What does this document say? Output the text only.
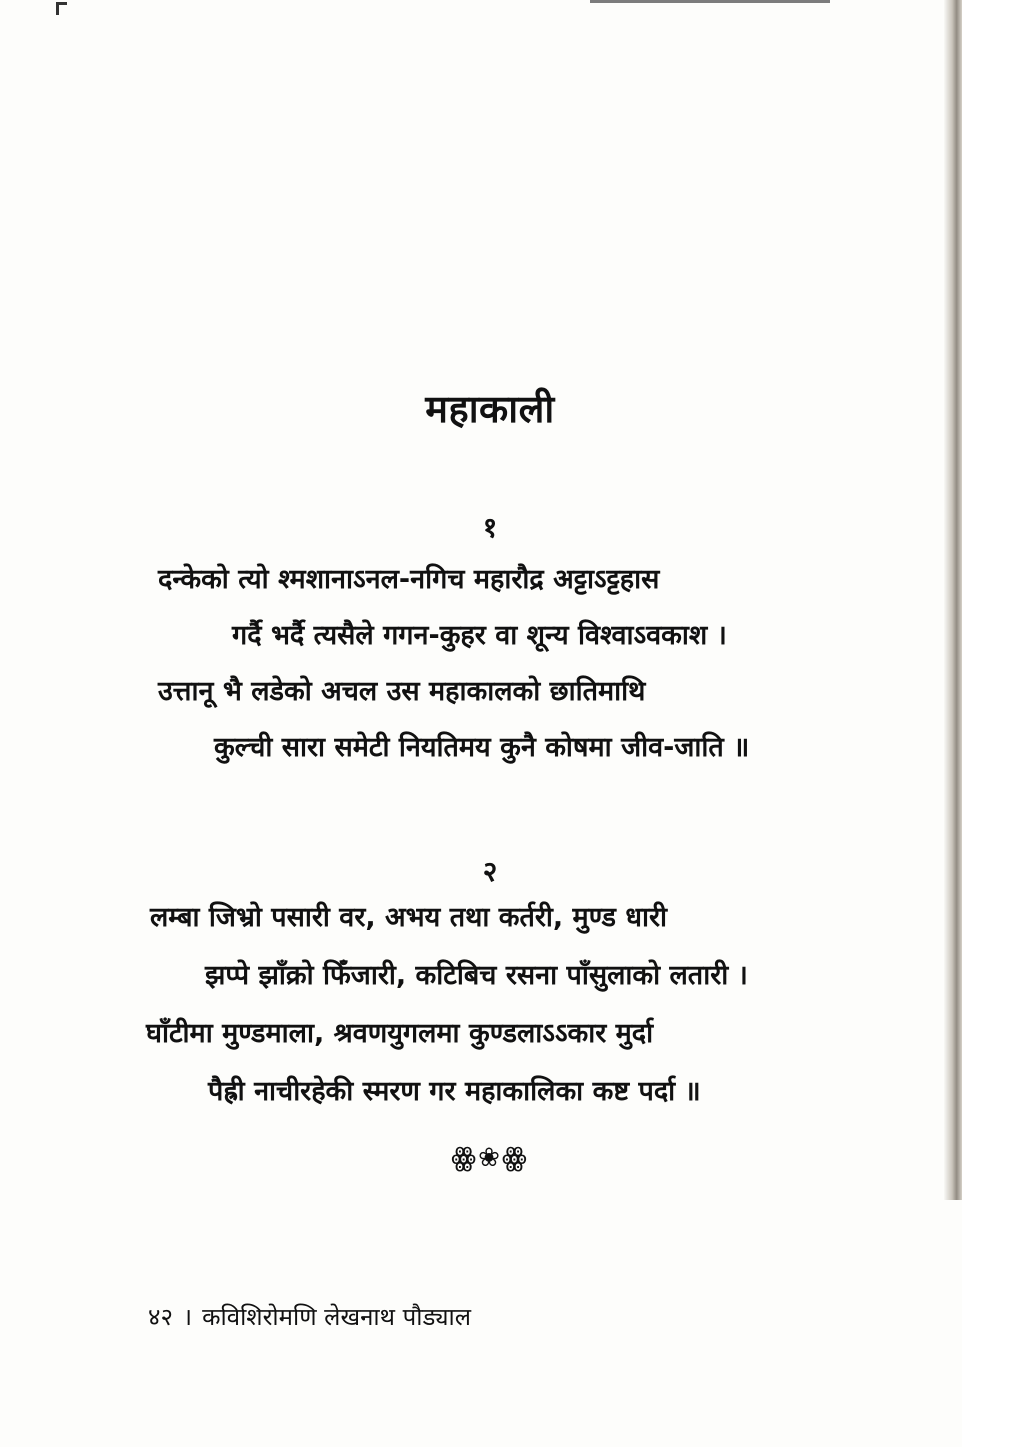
महाकाली
१
दन्केको त्यो श्मशानाऽनल-नगिच महारौद्र अट्टाऽट्टहास
गर्दै भर्दै त्यसैले गगन-कुहर वा शून्य विश्वाऽवकाश ।
उत्तानू भै लडेको अचल उस महाकालको छातिमाथि
कुल्ची सारा समेटी नियतिमय कुनै कोषमा जीव-जाति ॥
२
लम्बा जिभ्रो पसारी वर, अभय तथा कर्तरी, मुण्ड धारी
झप्पे झाँक्रो फिँजारी, कटिबिच रसना पाँसुलाको लतारी ।
घाँटीमा मुण्डमाला, श्रवणयुगलमा कुण्डलाऽऽकार मुर्दा
पैह्री नाचीरहेकी स्मरण गर महाकालिका कष्ट पर्दा ॥
ꙮ❀ꙮ
४२ । कविशिरोमणि लेखनाथ पौड्याल
